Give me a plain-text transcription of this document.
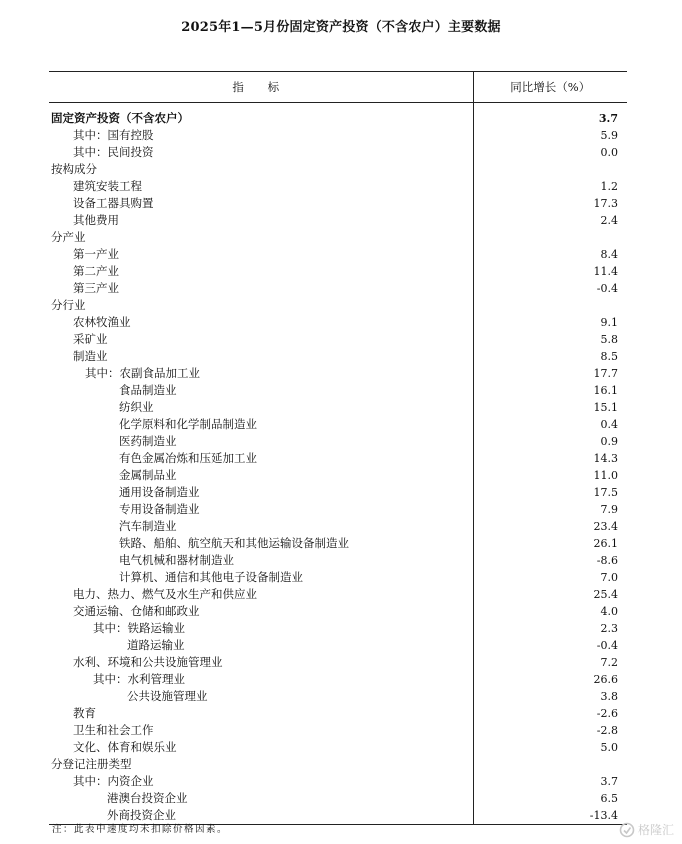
2025年1—5月份固定资产投资（不含农户）主要数据
指 标	同比增长（%）

固定资产投资（不含农户）	3.7
其中：国有控股	5.9
其中：民间投资	0.0
按构成分	
建筑安装工程	1.2
设备工器具购置	17.3
其他费用	2.4
分产业	
第一产业	8.4
第二产业	11.4
第三产业	-0.4
分行业	
农林牧渔业	9.1
采矿业	5.8
制造业	8.5
其中：农副食品加工业	17.7
食品制造业	16.1
纺织业	15.1
化学原料和化学制品制造业	0.4
医药制造业	0.9
有色金属冶炼和压延加工业	14.3
金属制品业	11.0
通用设备制造业	17.5
专用设备制造业	7.9
汽车制造业	23.4
铁路、船舶、航空航天和其他运输设备制造业	26.1
电气机械和器材制造业	-8.6
计算机、通信和其他电子设备制造业	7.0
电力、热力、燃气及水生产和供应业	25.4
交通运输、仓储和邮政业	4.0
其中：铁路运输业	2.3
道路运输业	-0.4
水利、环境和公共设施管理业	7.2
其中：水利管理业	26.6
公共设施管理业	3.8
教育	-2.6
卫生和社会工作	-2.8
文化、体育和娱乐业	5.0
分登记注册类型	
其中：内资企业	3.7
港澳台投资企业	6.5
外商投资企业	-13.4
注：此表中速度均未扣除价格因素。	格隆汇
